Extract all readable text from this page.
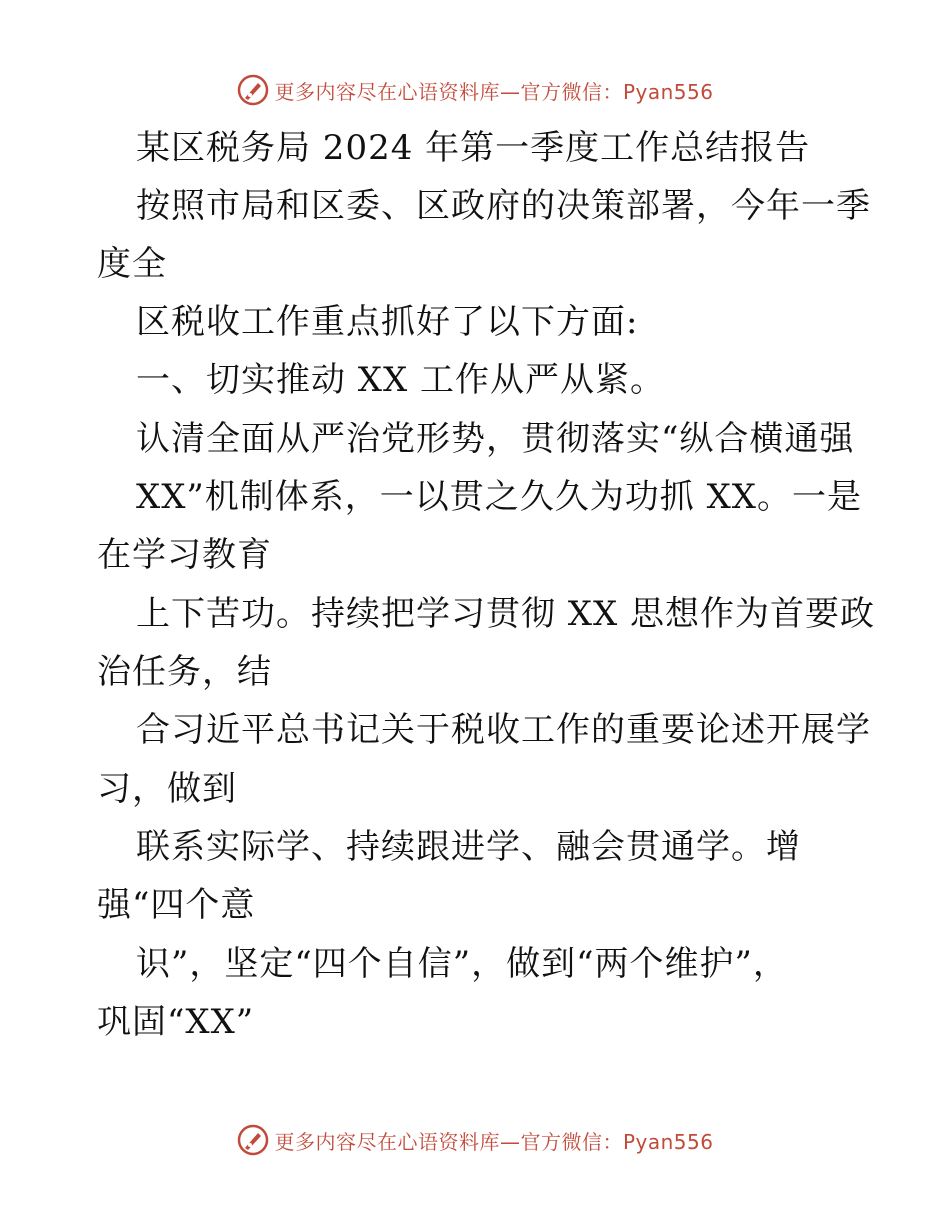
更多内容尽在心语资料库—官方微信：Pyan556
某区税务局 2024 年第一季度工作总结报告
按照市局和区委、区政府的决策部署，今年一季
度全
区税收工作重点抓好了以下方面:
一、切实推动 XX 工作从严从紧。
认清全面从严治党形势，贯彻落实“纵合横通强
XX”机制体系，一以贯之久久为功抓 XX。一是
在学习教育
上下苦功。持续把学习贯彻 XX 思想作为首要政
治任务，结
合习近平总书记关于税收工作的重要论述开展学
习，做到
联系实际学、持续跟进学、融会贯通学。增
强“四个意
识”，坚定“四个自信”，做到“两个维护”，
巩固“XX”
更多内容尽在心语资料库—官方微信：Pyan556
